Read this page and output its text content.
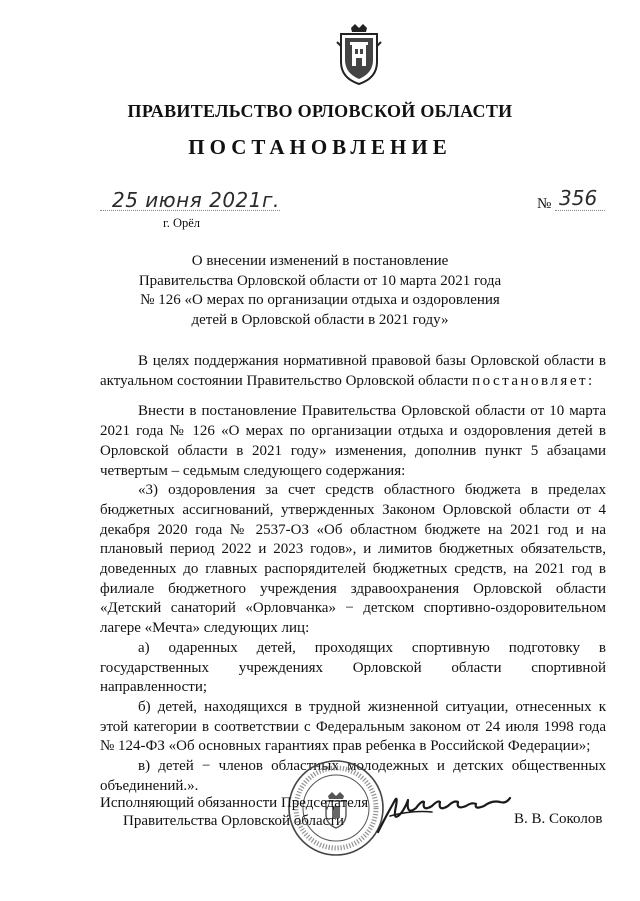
ПРАВИТЕЛЬСТВО ОРЛОВСКОЙ ОБЛАСТИ
ПОСТАНОВЛЕНИЕ
25 июня 2021г.
г. Орёл
№ 356
О внесении изменений в постановление
Правительства Орловской области от 10 марта 2021 года
№ 126 «О мерах по организации отдыха и оздоровления
детей в Орловской области в 2021 году»

В целях поддержания нормативной правовой базы Орловской области в актуальном состоянии Правительство Орловской области постановляет:

Внести в постановление Правительства Орловской области от 10 марта 2021 года № 126 «О мерах по организации отдыха и оздоровления детей в Орловской области в 2021 году» изменения, дополнив пункт 5 абзацами четвертым – седьмым следующего содержания:

«3) оздоровления за счет средств областного бюджета в пределах бюджетных ассигнований, утвержденных Законом Орловской области от 4 декабря 2020 года № 2537-ОЗ «Об областном бюджете на 2021 год и на плановый период 2022 и 2023 годов», и лимитов бюджетных обязательств, доведенных до главных распорядителей бюджетных средств, на 2021 год в филиале бюджетного учреждения здравоохранения Орловской области «Детский санаторий «Орловчанка» − детском спортивно-оздоровительном лагере «Мечта» следующих лиц:

а) одаренных детей, проходящих спортивную подготовку в государственных учреждениях Орловской области спортивной направленности;

б) детей, находящихся в трудной жизненной ситуации, отнесенных к этой категории в соответствии с Федеральным законом от 24 июля 1998 года № 124-ФЗ «Об основных гарантиях прав ребенка в Российской Федерации»;

в) детей − членов областных молодежных и детских общественных объединений.».

Исполняющий обязанности Председателя
Правительства Орловской области	В. В. Соколов
